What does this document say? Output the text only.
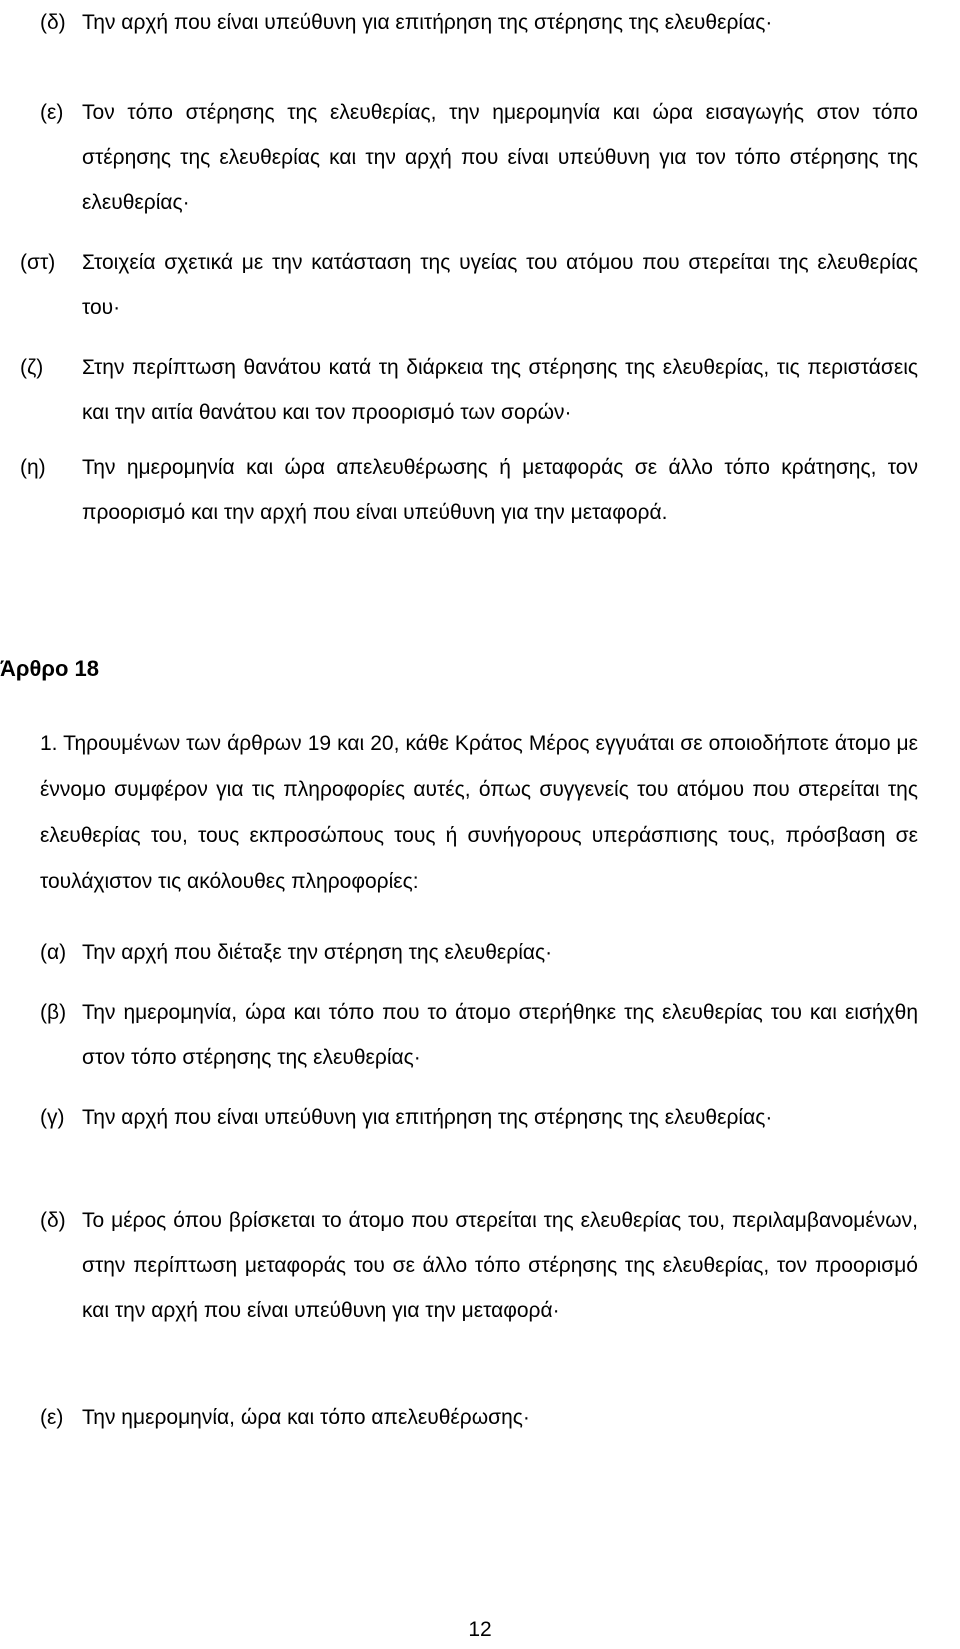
(δ) Την αρχή που είναι υπεύθυνη για επιτήρηση της στέρησης της ελευθερίας·
(ε) Τον τόπο στέρησης της ελευθερίας, την ημερομηνία και ώρα εισαγωγής στον τόπο στέρησης της ελευθερίας και την αρχή που είναι υπεύθυνη για τον τόπο στέρησης της ελευθερίας·
(στ) Στοιχεία σχετικά με την κατάσταση της υγείας του ατόμου που στερείται της ελευθερίας του·
(ζ) Στην περίπτωση θανάτου κατά τη διάρκεια της στέρησης της ελευθερίας, τις περιστάσεις και την αιτία θανάτου και τον προορισμό των σορών·
(η) Την ημερομηνία και ώρα απελευθέρωσης ή μεταφοράς σε άλλο τόπο κράτησης, τον προορισμό και την αρχή που είναι υπεύθυνη για την μεταφορά.
Άρθρο 18
1. Τηρουμένων των άρθρων 19 και 20, κάθε Κράτος Μέρος εγγυάται σε οποιοδήποτε άτομο με έννομο συμφέρον για τις πληροφορίες αυτές, όπως συγγενείς του ατόμου που στερείται της ελευθερίας του, τους εκπροσώπους τους ή συνήγορους υπεράσπισης τους, πρόσβαση σε τουλάχιστον τις ακόλουθες πληροφορίες:
(α) Την αρχή που διέταξε την στέρηση της ελευθερίας·
(β) Την ημερομηνία, ώρα και τόπο που το άτομο στερήθηκε της ελευθερίας του και εισήχθη στον τόπο στέρησης της ελευθερίας·
(γ) Την αρχή που είναι υπεύθυνη για επιτήρηση της στέρησης της ελευθερίας·
(δ) Το μέρος όπου βρίσκεται το άτομο που στερείται της ελευθερίας του, περιλαμβανομένων, στην περίπτωση μεταφοράς του σε άλλο τόπο στέρησης της ελευθερίας, τον προορισμό και την αρχή που είναι υπεύθυνη για την μεταφορά·
(ε) Την ημερομηνία, ώρα και τόπο απελευθέρωσης·
12
